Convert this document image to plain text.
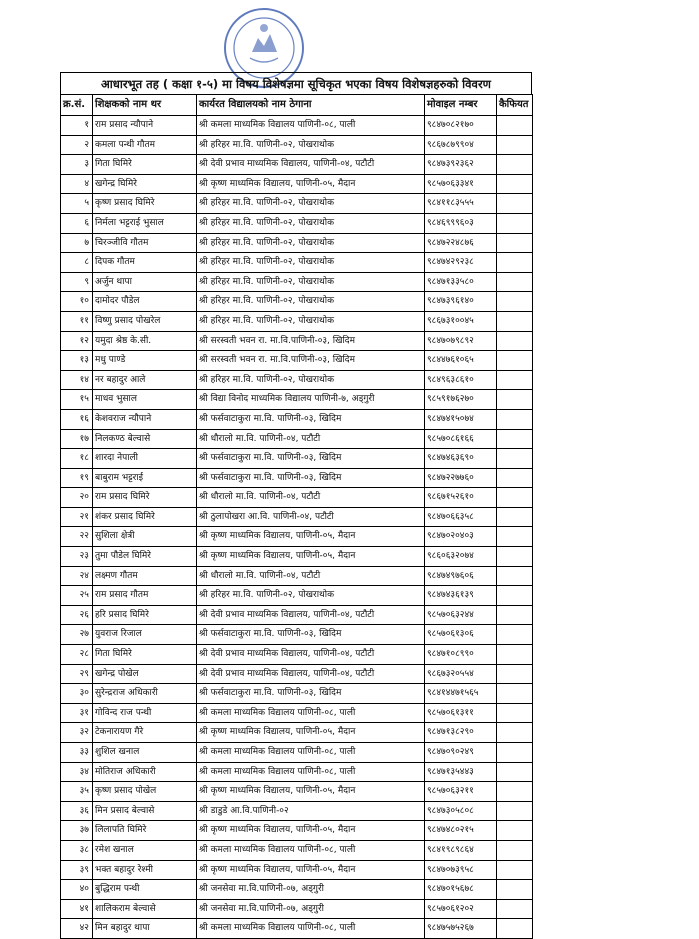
आधारभूत तह ( कक्षा १-५) मा विषय विशेषज्ञमा सूचिकृत भएका विषय विशेषज्ञहरुको विवरण
क्र.सं.	शिक्षकको नाम थर	कार्यरत विद्यालयको नाम ठेगाना	मोवाइल नम्बर	कैफियत
१	राम प्रसाद न्यौपाने	श्री कमला माध्यमिक विद्यालय पाणिनी-०८, पाली	९८४७०८२१७०	
२	कमला पन्थी गौतम	श्री हरिहर मा.वि. पाणिनी-०२, पोखराथोक	९८६७८७९९०४	
३	गिता घिमिरे	श्री देवी प्रभाव माध्यमिक विद्यालय, पाणिनी-०४, पटौटी	९८४७३९२३६२	
४	खगेन्द्र घिमिरे	श्री कृष्ण माध्यमिक विद्यालय, पाणिनी-०५, मैदान	९८५७०६३३४१	
५	कृष्ण प्रसाद घिमिरे	श्री हरिहर मा.वि. पाणिनी-०२, पोखराथोक	९८४११८३५५५	
६	निर्मला भट्टराई भुसाल	श्री हरिहर मा.वि. पाणिनी-०२, पोखराथोक	९८४६९९९६०३	
७	चिरञ्जीवि गौतम	श्री हरिहर मा.वि. पाणिनी-०२, पोखराथोक	९८४७२२४८७६	
८	दिपक गौतम	श्री हरिहर मा.वि. पाणिनी-०२, पोखराथोक	९८४७४२९२३८	
९	अर्जुन थापा	श्री हरिहर मा.वि. पाणिनी-०२, पोखराथोक	९८४७१३३५८०	
१०	दामोदर पौडेल	श्री हरिहर मा.वि. पाणिनी-०२, पोखराथोक	९८४७३९६१४०	
११	विष्णु प्रसाद पोखरेल	श्री हरिहर मा.वि. पाणिनी-०२, पोखराथोक	९८६७३१००४५	
१२	यमुदा श्रेष्ठ के.सी.	श्री सरस्वती भवन रा. मा.वि.पाणिनी-०३, खिदिम	९८४७०७९८९२	
१३	मधु पाण्डे	श्री सरस्वती भवन रा. मा.वि.पाणिनी-०३, खिदिम	९८४४७६१०६५	
१४	नर बहादुर आले	श्री हरिहर मा.वि. पाणिनी-०२, पोखराथोक	९८४९६३८६१०	
१५	माधव भुसाल	श्री विद्या विनोद माध्यमिक विद्यालय पाणिनी-७, अड्गुरी	९८५९१७६२७०	
१६	केशवराज न्यौपाने	श्री फर्सवाटाकुरा मा.वि. पाणिनी-०३, खिदिम	९८४७४१५०७४	
१७	निलकण्ठ बेल्वासे	श्री धौरालो मा.वि. पाणिनी-०४, पटौटी	९८५७०८६१६६	
१८	शारदा नेपाली	श्री फर्सवाटाकुरा मा.वि. पाणिनी-०३, खिदिम	९८४७४६३६९०	
१९	बाबुराम भट्टराई	श्री फर्सवाटाकुरा मा.वि. पाणिनी-०३, खिदिम	९८४७२२७७६०	
२०	राम प्रसाद घिमिरे	श्री धौरालो मा.वि. पाणिनी-०४, पटौटी	९८६७१५२६१०	
२१	शंकर प्रसाद घिमिरे	श्री ठुलापोखरा आ.वि. पाणिनी-०४, पटौटी	९८४७०६६३५८	
२२	सुशिला क्षेत्री	श्री कृष्ण माध्यमिक विद्यालय, पाणिनी-०५, मैदान	९८४७०२०४०३	
२३	तुमा पौडेल घिमिरे	श्री कृष्ण माध्यमिक विद्यालय, पाणिनी-०५, मैदान	९८६०६३२०७४	
२४	लक्ष्मण गौतम	श्री धौरालो मा.वि. पाणिनी-०४, पटौटी	९८४७४९७६०६	
२५	राम प्रसाद गौतम	श्री हरिहर मा.वि. पाणिनी-०२, पोखराथोक	९८४७४३६१३९	
२६	हरि प्रसाद घिमिरे	श्री देवी प्रभाव माध्यमिक विद्यालय, पाणिनी-०४, पटौटी	९८५७०६३२४४	
२७	युवराज रिजाल	श्री फर्सवाटाकुरा मा.वि. पाणिनी-०३, खिदिम	९८५७०६१३०६	
२८	गिता घिमिरे	श्री देवी प्रभाव माध्यमिक विद्यालय, पाणिनी-०४, पटौटी	९८४७१०८९९०	
२९	खगेन्द्र पोखेल	श्री देवी प्रभाव माध्यमिक विद्यालय, पाणिनी-०४, पटौटी	९८६७३२०५५४	
३०	सुरेन्द्रराज अधिकारी	श्री फर्सवाटाकुरा मा.वि. पाणिनी-०३, खिदिम	९८४१४४७१५६५	
३१	गोविन्द राज पन्थी	श्री कमला माध्यमिक विद्यालय पाणिनी-०८, पाली	९८५७०६१३११	
३२	टेकनारायण गैरे	श्री कृष्ण माध्यमिक विद्यालय, पाणिनी-०५, मैदान	९८४७१३८२९०	
३३	शुशिल खनाल	श्री कमला माध्यमिक विद्यालय पाणिनी-०८, पाली	९८४७०९०२४९	
३४	मोतिराज अधिकारी	श्री कमला माध्यमिक विद्यालय पाणिनी-०८, पाली	९८४७१३५४४३	
३५	कृष्ण प्रसाद पोखेल	श्री कृष्ण माध्यमिक विद्यालय, पाणिनी-०५, मैदान	९८५७०६३२११	
३६	मिन प्रसाद बेल्वासे	श्री डाडुडे आ.वि.पाणिनी-०२	९८४७३०५८०८	
३७	लिलापति घिमिरे	श्री कृष्ण माध्यमिक विद्यालय, पाणिनी-०५, मैदान	९८४७४८०२१५	
३८	रमेश खनाल	श्री कमला माध्यमिक विद्यालय पाणिनी-०८, पाली	९८४१९८९८६४	
३९	भक्त बहादुर रेश्मी	श्री कृष्ण माध्यमिक विद्यालय, पाणिनी-०५, मैदान	९८४७०७३९५८	
४०	बुद्धिराम पन्थी	श्री जनसेवा मा.वि.पाणिनी-०७, अड्गुरी	९८४७०१५६७८	
४१	शालिकराम बेल्वासे	श्री जनसेवा मा.वि.पाणिनी-०७, अड्गुरी	९८५७०६१२०२	
४२	मिन बहादुर थापा	श्री कमला माध्यमिक विद्यालय पाणिनी-०८, पाली	९८४७५७५२६७	
